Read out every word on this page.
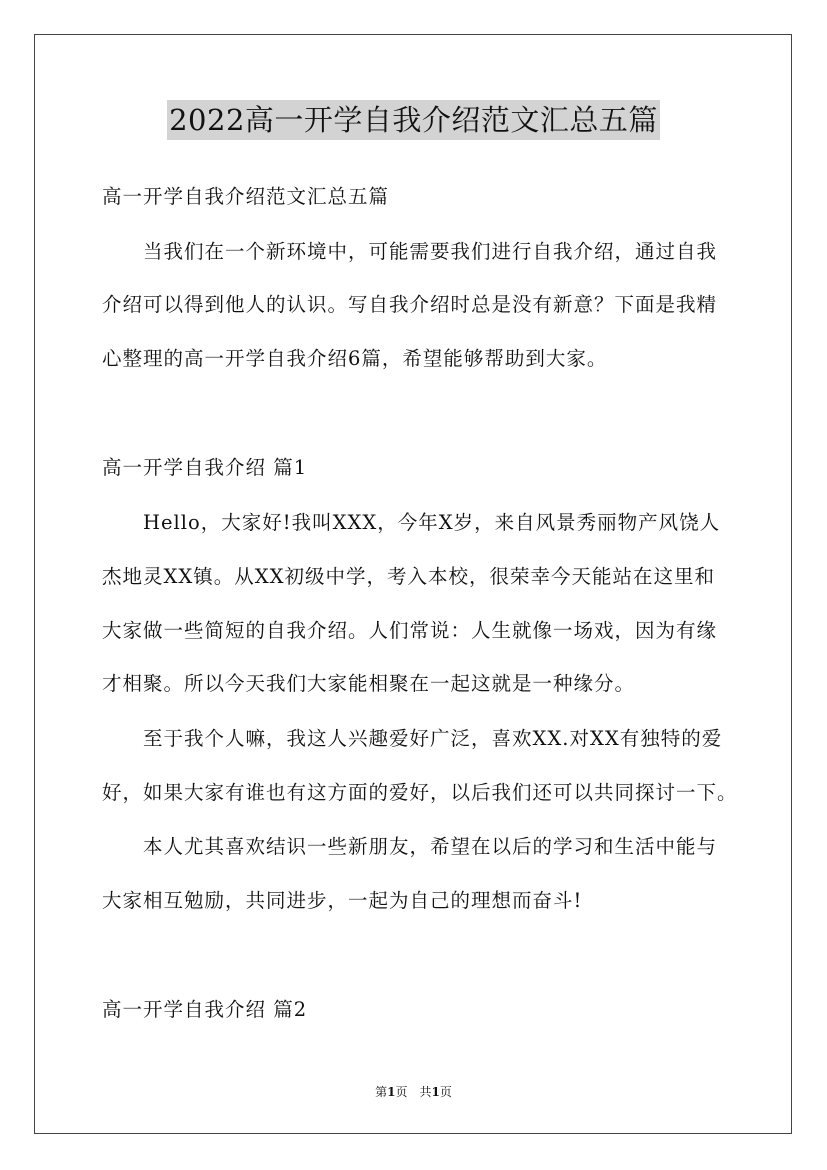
2022高一开学自我介绍范文汇总五篇
高一开学自我介绍范文汇总五篇
　　当我们在一个新环境中，可能需要我们进行自我介绍，通过自我
介绍可以得到他人的认识。写自我介绍时总是没有新意？下面是我精
心整理的高一开学自我介绍6篇，希望能够帮助到大家。
高一开学自我介绍 篇1
　　Hello，大家好!我叫XXX，今年X岁，来自风景秀丽物产风饶人
杰地灵XX镇。从XX初级中学，考入本校，很荣幸今天能站在这里和
大家做一些简短的自我介绍。人们常说：人生就像一场戏，因为有缘
才相聚。所以今天我们大家能相聚在一起这就是一种缘分。
　　至于我个人嘛，我这人兴趣爱好广泛，喜欢XX.对XX有独特的爱
好，如果大家有谁也有这方面的爱好，以后我们还可以共同探讨一下。
　　本人尤其喜欢结识一些新朋友，希望在以后的学习和生活中能与
大家相互勉励，共同进步，一起为自己的理想而奋斗!
高一开学自我介绍 篇2
第1页　共1页
